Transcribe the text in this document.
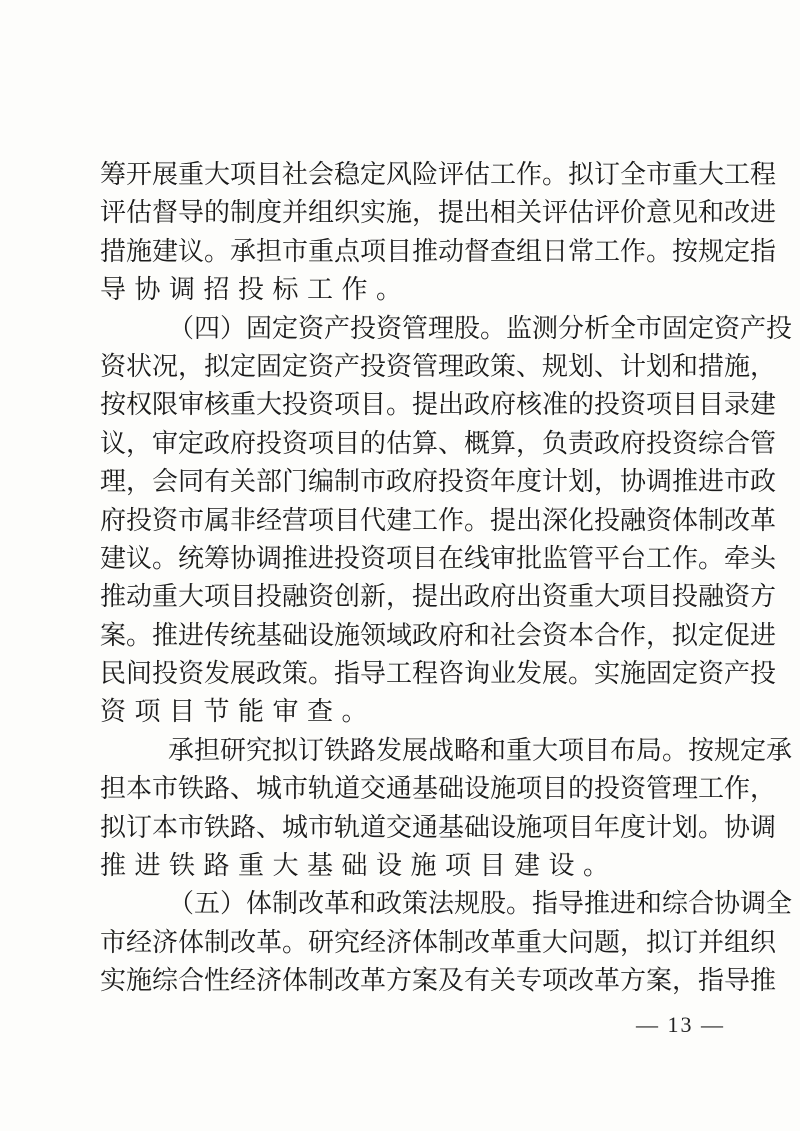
筹开展重大项目社会稳定风险评估工作。拟订全市重大工程
评估督导的制度并组织实施，提出相关评估评价意见和改进
措施建议。承担市重点项目推动督查组日常工作。按规定指
导协调招投标工作。
（四）固定资产投资管理股。监测分析全市固定资产投
资状况，拟定固定资产投资管理政策、规划、计划和措施，
按权限审核重大投资项目。提出政府核准的投资项目目录建
议，审定政府投资项目的估算、概算，负责政府投资综合管
理，会同有关部门编制市政府投资年度计划，协调推进市政
府投资市属非经营项目代建工作。提出深化投融资体制改革
建议。统筹协调推进投资项目在线审批监管平台工作。牵头
推动重大项目投融资创新，提出政府出资重大项目投融资方
案。推进传统基础设施领域政府和社会资本合作，拟定促进
民间投资发展政策。指导工程咨询业发展。实施固定资产投
资项目节能审查。
承担研究拟订铁路发展战略和重大项目布局。按规定承
担本市铁路、城市轨道交通基础设施项目的投资管理工作，
拟订本市铁路、城市轨道交通基础设施项目年度计划。协调
推进铁路重大基础设施项目建设。
（五）体制改革和政策法规股。指导推进和综合协调全
市经济体制改革。研究经济体制改革重大问题，拟订并组织
实施综合性经济体制改革方案及有关专项改革方案，指导推
— 13 —
